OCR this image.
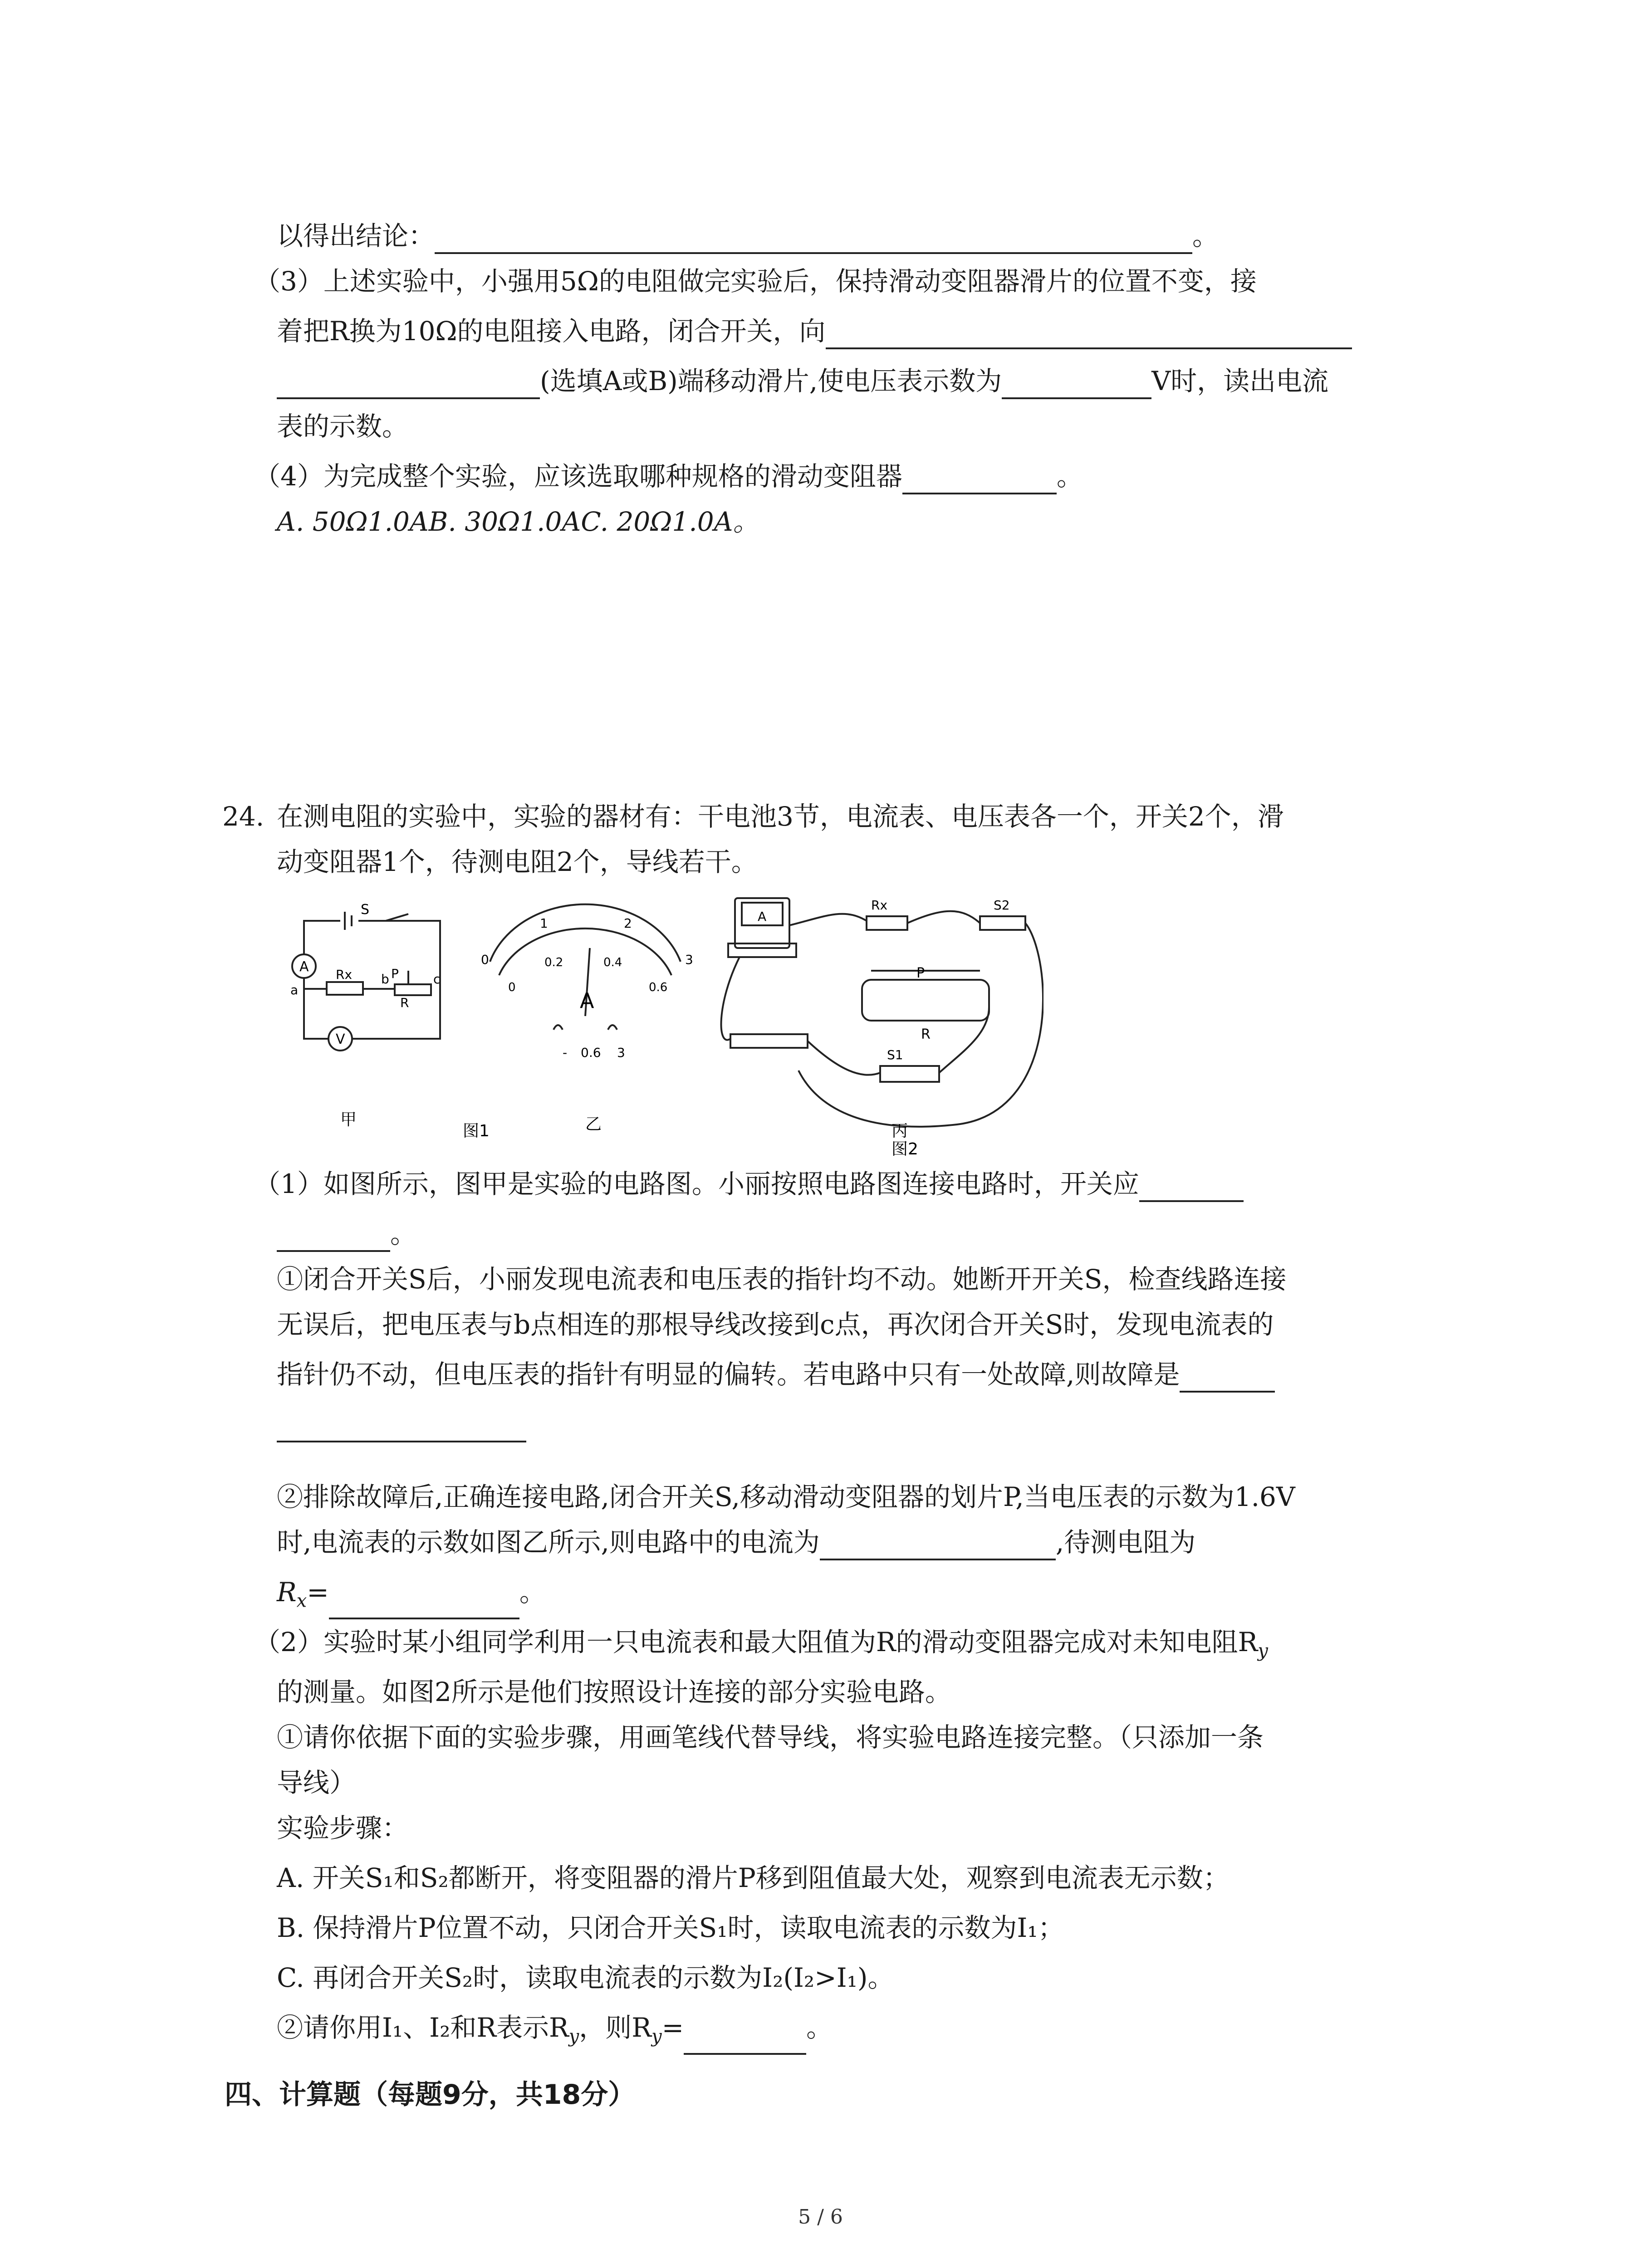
以得出结论：	。
（3）上述实验中，小强用5Ω的电阻做完实验后，保持滑动变阻器滑片的位置不变，接
着把R换为10Ω的电阻接入电路，闭合开关，向
(选填A或B)端移动滑片,使电压表示数为	V时，读出电流
表的示数。
（4）为完成整个实验，应该选取哪种规格的滑动变阻器	。
A. 50Ω1.0AB. 30Ω1.0AC. 20Ω1.0A。
24. 在测电阻的实验中，实验的器材有：干电池3节，电流表、电压表各一个，开关2个，滑
动变阻器1个，待测电阻2个，导线若干。
S
A
V
Rx
R
P
a
b	c
0
1	2
3
0
0.2	0.4
0.6
A
- 0.6 3
Rx	S2
P
R
S1
A
甲
图1	乙	丙
图2
（1）如图所示，图甲是实验的电路图。小丽按照电路图连接电路时，开关应
。
①闭合开关S后，小丽发现电流表和电压表的指针均不动。她断开开关S，检查线路连接
无误后，把电压表与b点相连的那根导线改接到c点，再次闭合开关S时，发现电流表的
指针仍不动，但电压表的指针有明显的偏转。若电路中只有一处故障,则故障是
②排除故障后,正确连接电路,闭合开关S,移动滑动变阻器的划片P,当电压表的示数为1.6V
时,电流表的示数如图乙所示,则电路中的电流为	,待测电阻为
$R_x=$	。
（2）实验时某小组同学利用一只电流表和最大阻值为R的滑动变阻器完成对未知电阻$R_y$
的测量。如图2所示是他们按照设计连接的部分实验电路。
①请你依据下面的实验步骤，用画笔线代替导线，将实验电路连接完整。（只添加一条
导线）
实验步骤：
A. 开关S₁和S₂都断开，将变阻器的滑片P移到阻值最大处，观察到电流表无示数；
B. 保持滑片P位置不动，只闭合开关S₁时，读取电流表的示数为I₁；
C. 再闭合开关S₂时，读取电流表的示数为I₂(I₂>I₁)。
②请你用I₁、I₂和R表示$R_y$，则$R_y=$	。
四、计算题（每题9分，共18分）
5 / 6
